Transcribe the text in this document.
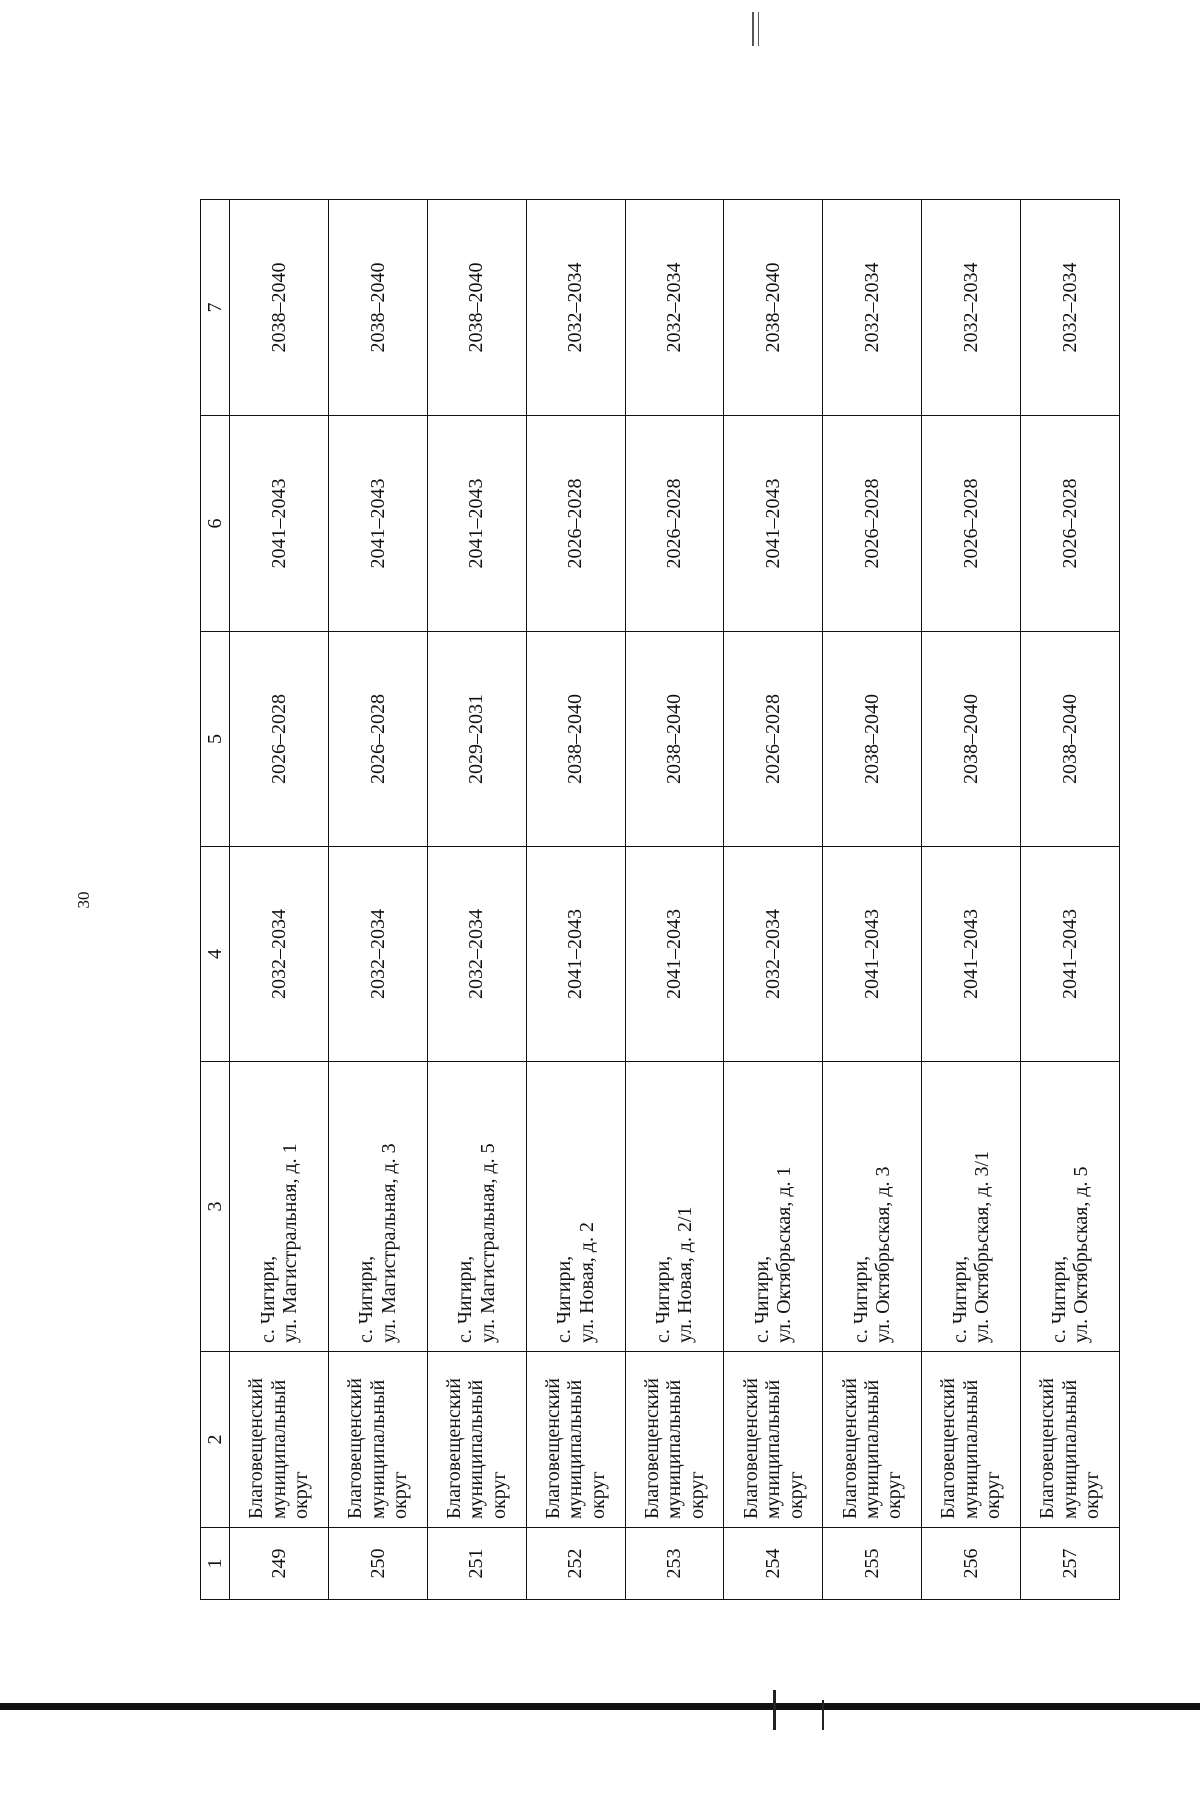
30
1	2	3	4	5	6	7
249	Благовещенский муниципальный округ	с. Чигири,
ул. Магистральная, д. 1	2032–2034	2026–2028	2041–2043	2038–2040
250	Благовещенский муниципальный округ	с. Чигири,
ул. Магистральная, д. 3	2032–2034	2026–2028	2041–2043	2038–2040
251	Благовещенский муниципальный округ	с. Чигири,
ул. Магистральная, д. 5	2032–2034	2029–2031	2041–2043	2038–2040
252	Благовещенский муниципальный округ	с. Чигири,
ул. Новая, д. 2	2041–2043	2038–2040	2026–2028	2032–2034
253	Благовещенский муниципальный округ	с. Чигири,
ул. Новая, д. 2/1	2041–2043	2038–2040	2026–2028	2032–2034
254	Благовещенский муниципальный округ	с. Чигири,
ул. Октябрьская, д. 1	2032–2034	2026–2028	2041–2043	2038–2040
255	Благовещенский муниципальный округ	с. Чигири,
ул. Октябрьская, д. 3	2041–2043	2038–2040	2026–2028	2032–2034
256	Благовещенский муниципальный округ	с. Чигири,
ул. Октябрьская, д. 3/1	2041–2043	2038–2040	2026–2028	2032–2034
257	Благовещенский муниципальный округ	с. Чигири,
ул. Октябрьская, д. 5	2041–2043	2038–2040	2026–2028	2032–2034
